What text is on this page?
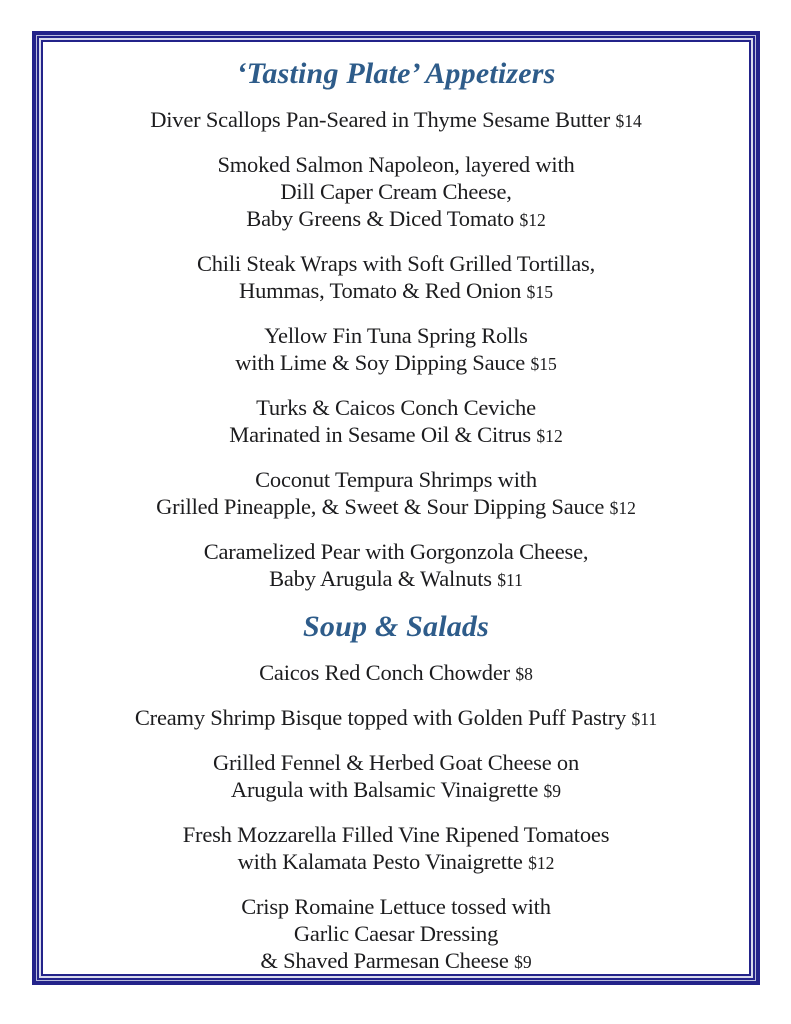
‘Tasting Plate’ Appetizers
Diver Scallops Pan-Seared in Thyme Sesame Butter $14
Smoked Salmon Napoleon, layered with
Dill Caper Cream Cheese,
Baby Greens & Diced Tomato $12
Chili Steak Wraps with Soft Grilled Tortillas,
Hummas, Tomato & Red Onion $15
Yellow Fin Tuna Spring Rolls
with Lime & Soy Dipping Sauce $15
Turks & Caicos Conch Ceviche
Marinated in Sesame Oil & Citrus $12
Coconut Tempura Shrimps with
Grilled Pineapple, & Sweet & Sour Dipping Sauce $12
Caramelized Pear with Gorgonzola Cheese,
Baby Arugula & Walnuts $11
Soup & Salads
Caicos Red Conch Chowder $8
Creamy Shrimp Bisque topped with Golden Puff Pastry $11
Grilled Fennel & Herbed Goat Cheese on
Arugula with Balsamic Vinaigrette $9
Fresh Mozzarella Filled Vine Ripened Tomatoes
with Kalamata Pesto Vinaigrette $12
Crisp Romaine Lettuce tossed with
Garlic Caesar Dressing
& Shaved Parmesan Cheese $9
